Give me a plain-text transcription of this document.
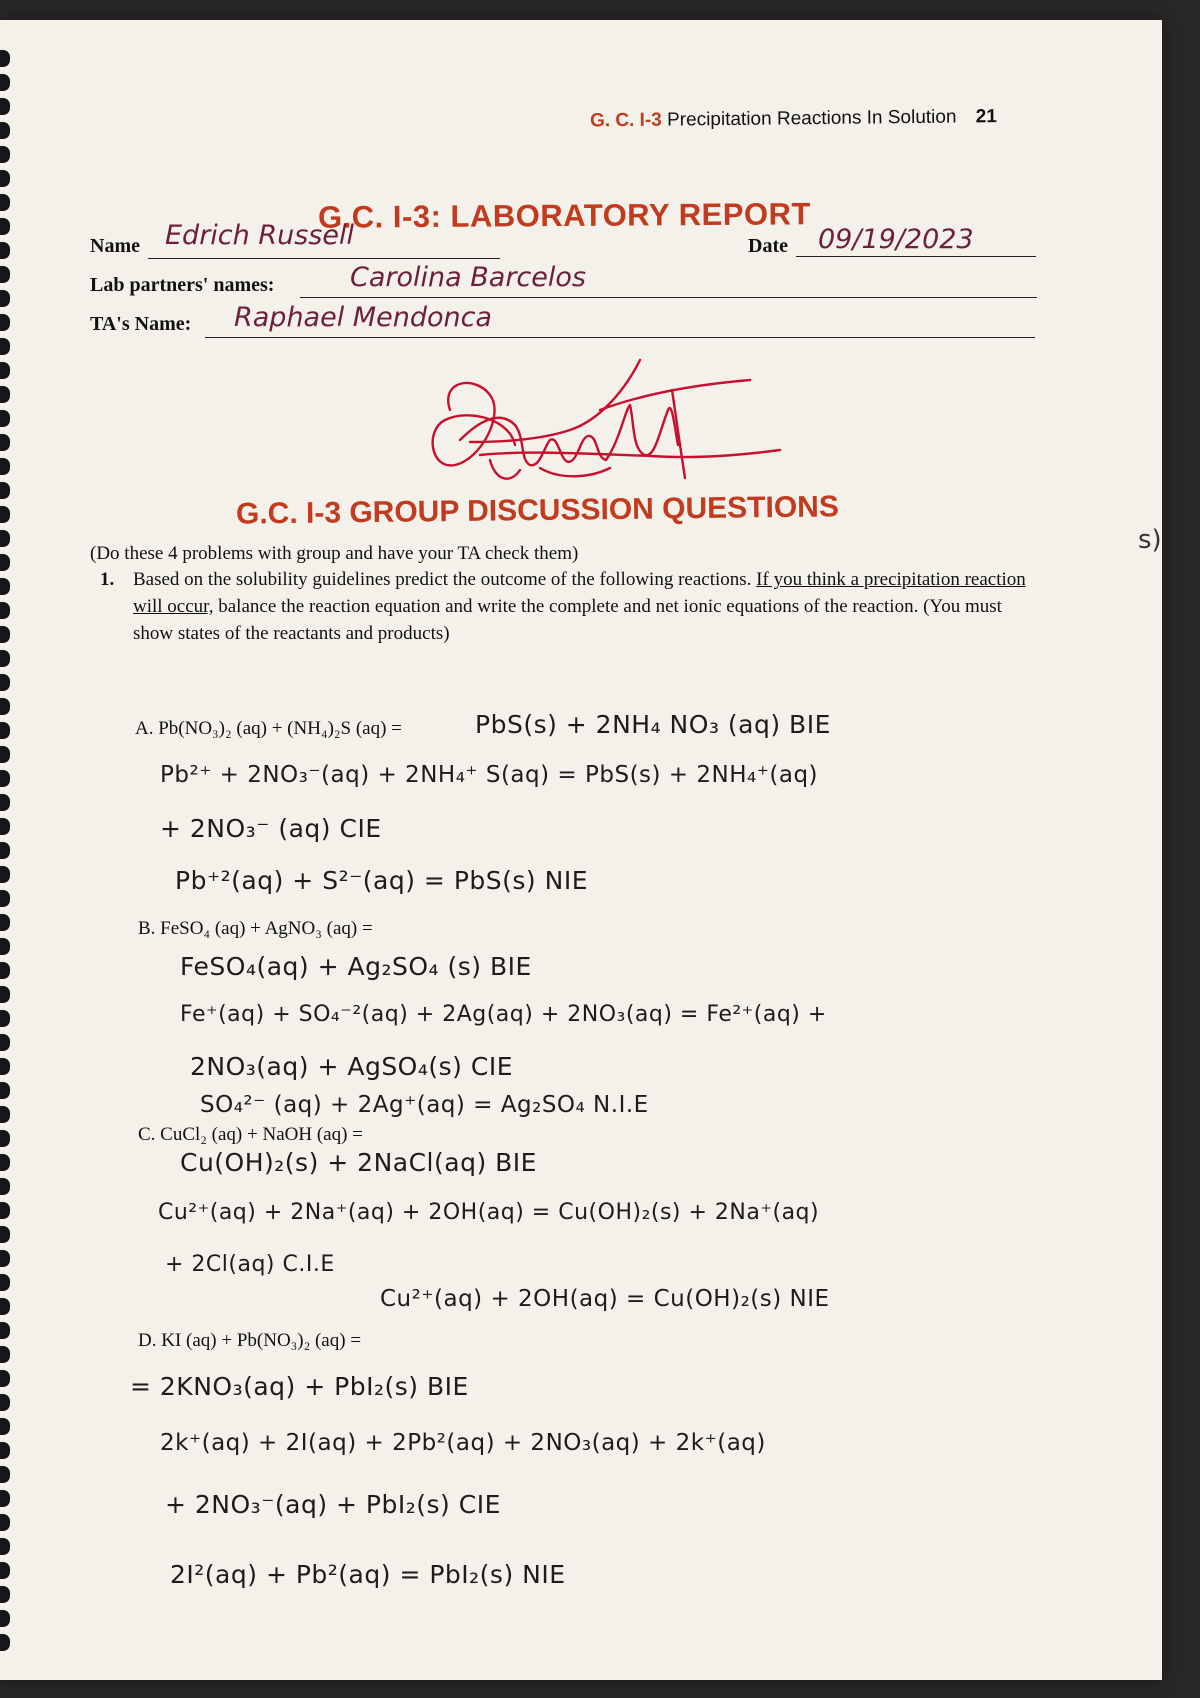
G. C. I-3 Precipitation Reactions In Solution 21
G.C. I-3: LABORATORY REPORT
Name Edrich Russell	Date 09/19/2023
Lab partners' names:	Carolina Barcelos
TA's Name: Raphael Mendonca
G.C. I-3 GROUP DISCUSSION QUESTIONS
(Do these 4 problems with group and have your TA check them)
1. Based on the solubility guidelines predict the outcome of the following reactions. If you think a precipitation reaction will occur, balance the reaction equation and write the complete and net ionic equations of the reaction. (You must show states of the reactants and products)
A. Pb(NO₃)₂ (aq) + (NH₄)₂S (aq) =	PbS(s) + 2NH₄ NO₃ (aq) BIE
Pb²⁺ + 2NO₃⁻(aq) + 2NH₄⁺ S(aq) = PbS(s) + 2NH₄⁺(aq)
+ 2NO₃⁻ (aq) CIE
Pb⁺²(aq) + S²⁻(aq) = PbS(s) NIE
B. FeSO₄ (aq) + AgNO₃ (aq) =
FeSO₄(aq) + Ag₂SO₄ (s) BIE
Fe⁺(aq) + SO₄⁻²(aq) + 2Ag(aq) + 2NO₃(aq) = Fe²⁺(aq) +
2NO₃(aq) + AgSO₄(s) CIE
SO₄²⁻ (aq) + 2Ag⁺(aq) = Ag₂SO₄ N.I.E
C. CuCl₂ (aq) + NaOH (aq) =
Cu(OH)₂(s) + 2NaCl(aq) BIE
Cu²⁺(aq) + 2Na⁺(aq) + 2OH(aq) = Cu(OH)₂(s) + 2Na⁺(aq)
+ 2Cl(aq) C.I.E
Cu²⁺(aq) + 2OH(aq) = Cu(OH)₂(s) NIE
D. KI (aq) + Pb(NO₃)₂ (aq) =
= 2KNO₃(aq) + PbI₂(s) BIE
2k⁺(aq) + 2I(aq) + 2Pb²(aq) + 2NO₃(aq) + 2k⁺(aq)
+ 2NO₃⁻(aq) + PbI₂(s) CIE
2I²(aq) + Pb²(aq) = PbI₂(s) NIE
s)
